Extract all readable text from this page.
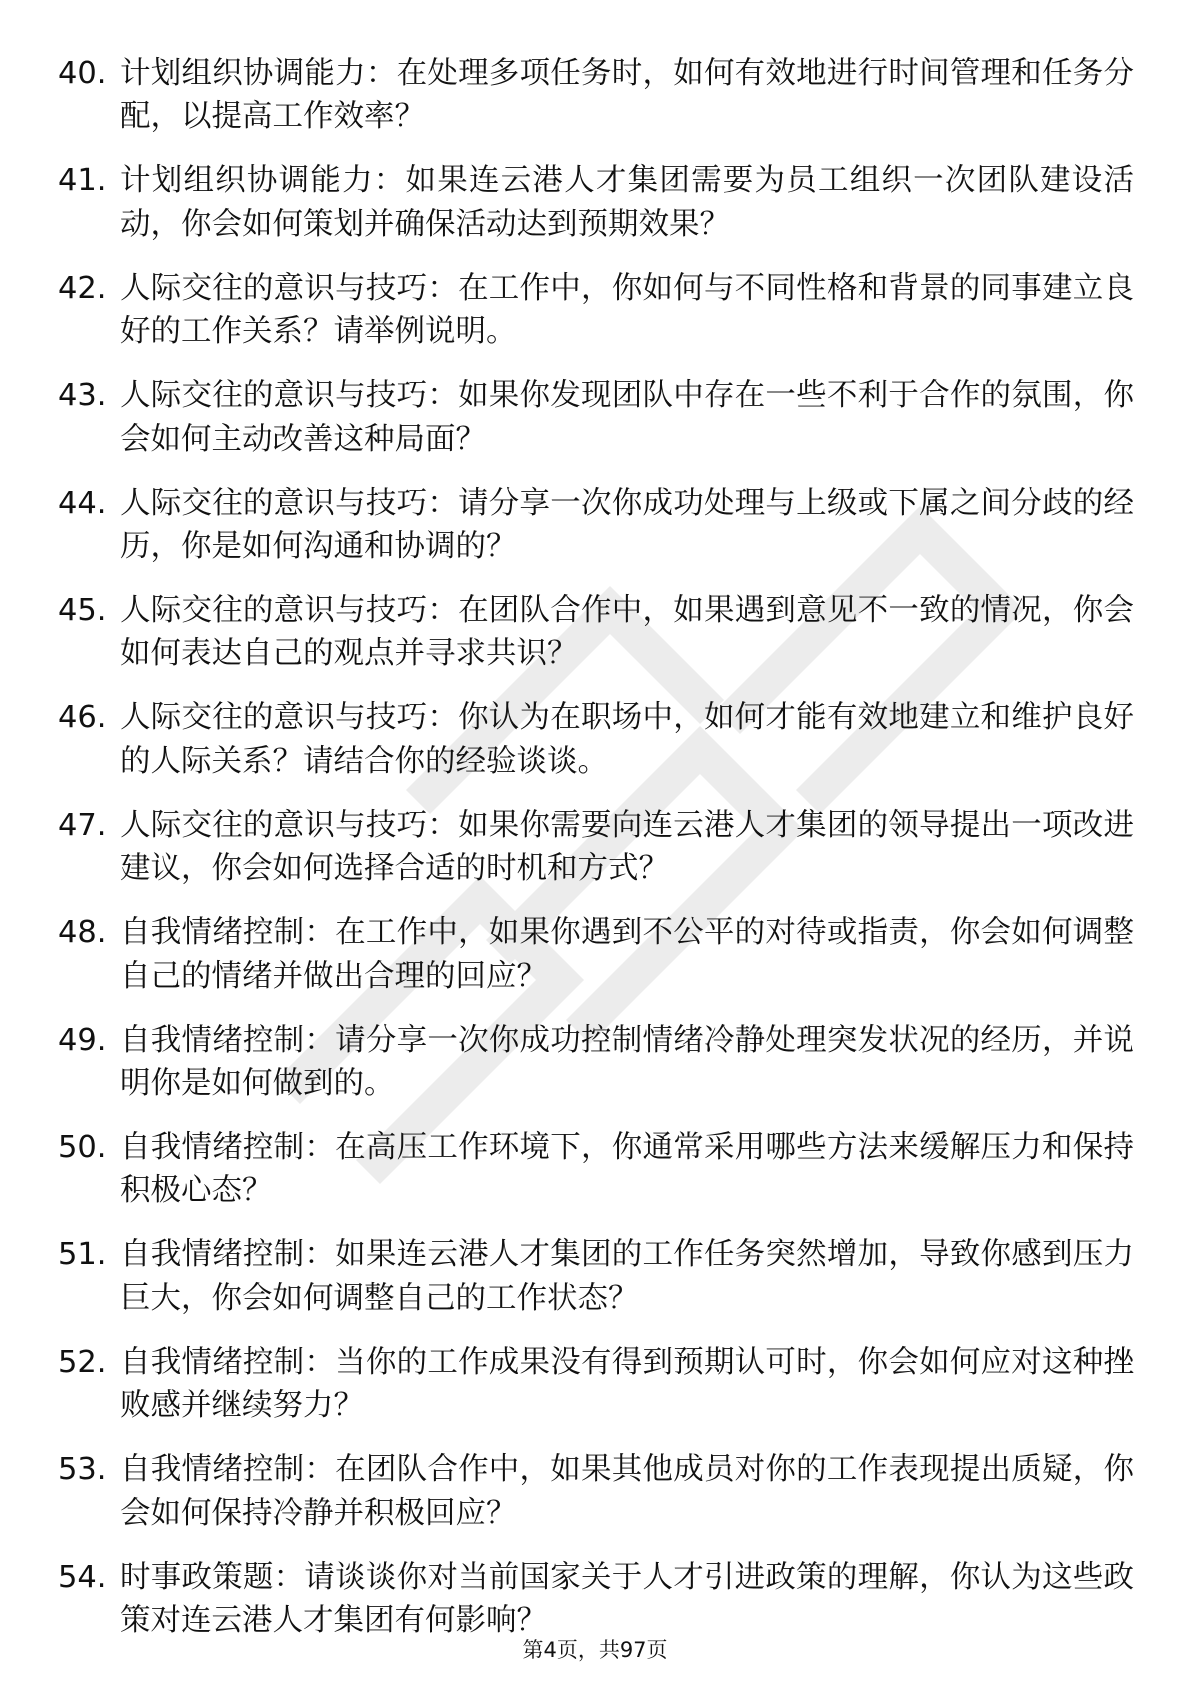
40. 计划组织协调能力：在处理多项任务时，如何有效地进行时间管理和任务分配，以提高工作效率？
41. 计划组织协调能力：如果连云港人才集团需要为员工组织一次团队建设活动，你会如何策划并确保活动达到预期效果？
42. 人际交往的意识与技巧：在工作中，你如何与不同性格和背景的同事建立良好的工作关系？请举例说明。
43. 人际交往的意识与技巧：如果你发现团队中存在一些不利于合作的氛围，你会如何主动改善这种局面？
44. 人际交往的意识与技巧：请分享一次你成功处理与上级或下属之间分歧的经历，你是如何沟通和协调的？
45. 人际交往的意识与技巧：在团队合作中，如果遇到意见不一致的情况，你会如何表达自己的观点并寻求共识？
46. 人际交往的意识与技巧：你认为在职场中，如何才能有效地建立和维护良好的人际关系？请结合你的经验谈谈。
47. 人际交往的意识与技巧：如果你需要向连云港人才集团的领导提出一项改进建议，你会如何选择合适的时机和方式？
48. 自我情绪控制：在工作中，如果你遇到不公平的对待或指责，你会如何调整自己的情绪并做出合理的回应？
49. 自我情绪控制：请分享一次你成功控制情绪冷静处理突发状况的经历，并说明你是如何做到的。
50. 自我情绪控制：在高压工作环境下，你通常采用哪些方法来缓解压力和保持积极心态？
51. 自我情绪控制：如果连云港人才集团的工作任务突然增加，导致你感到压力巨大，你会如何调整自己的工作状态？
52. 自我情绪控制：当你的工作成果没有得到预期认可时，你会如何应对这种挫败感并继续努力？
53. 自我情绪控制：在团队合作中，如果其他成员对你的工作表现提出质疑，你会如何保持冷静并积极回应？
54. 时事政策题：请谈谈你对当前国家关于人才引进政策的理解，你认为这些政策对连云港人才集团有何影响？
第4页，共97页
